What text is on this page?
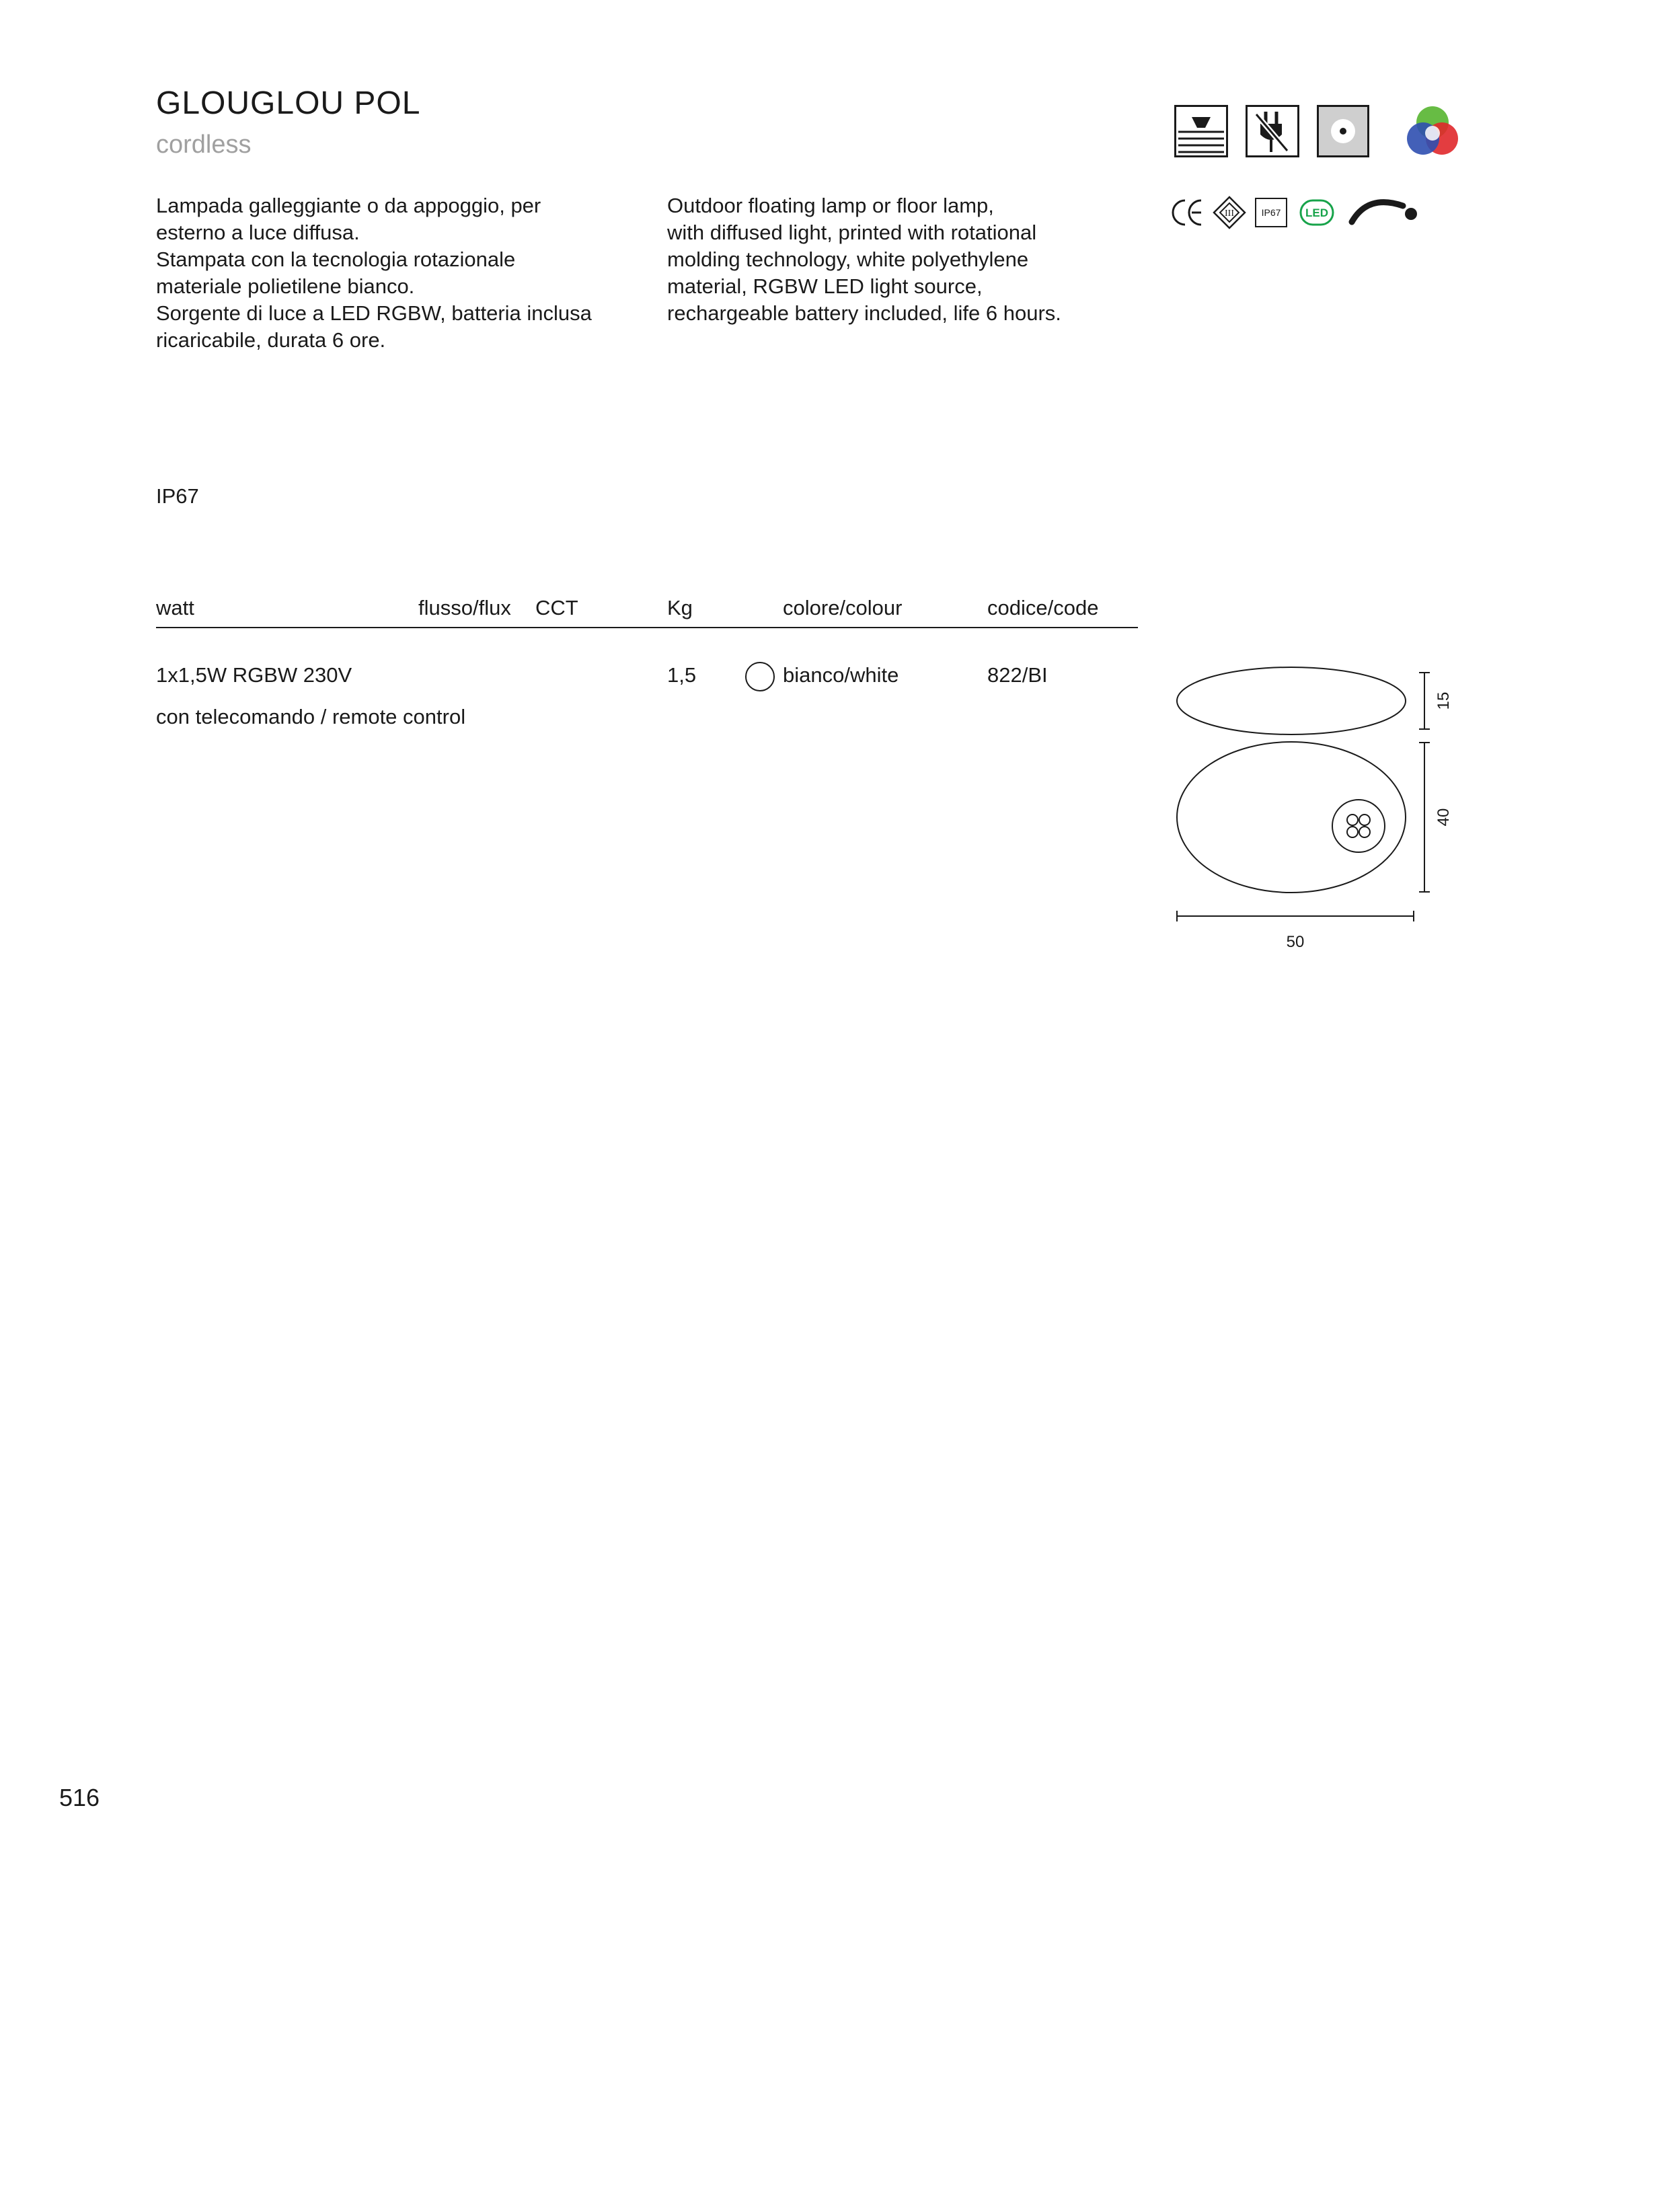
GLOUGLOU POL
cordless
Lampada galleggiante o da appoggio, per
esterno a luce diffusa.
Stampata con la tecnologia rotazionale
materiale polietilene bianco.
Sorgente di luce a LED RGBW, batteria inclusa
ricaricabile, durata 6 ore.
Outdoor floating lamp or floor lamp,
with diffused light, printed with rotational
molding technology, white polyethylene
material, RGBW LED light source,
rechargeable battery included, life 6 hours.
III	IP67 LED
IP67
watt	flusso/flux CCT	Kg	colore/colour	codice/code
1x1,5W RGBW 230V	1,5	bianco/white	822/BI
con telecomando / remote control
15
40
50
516
